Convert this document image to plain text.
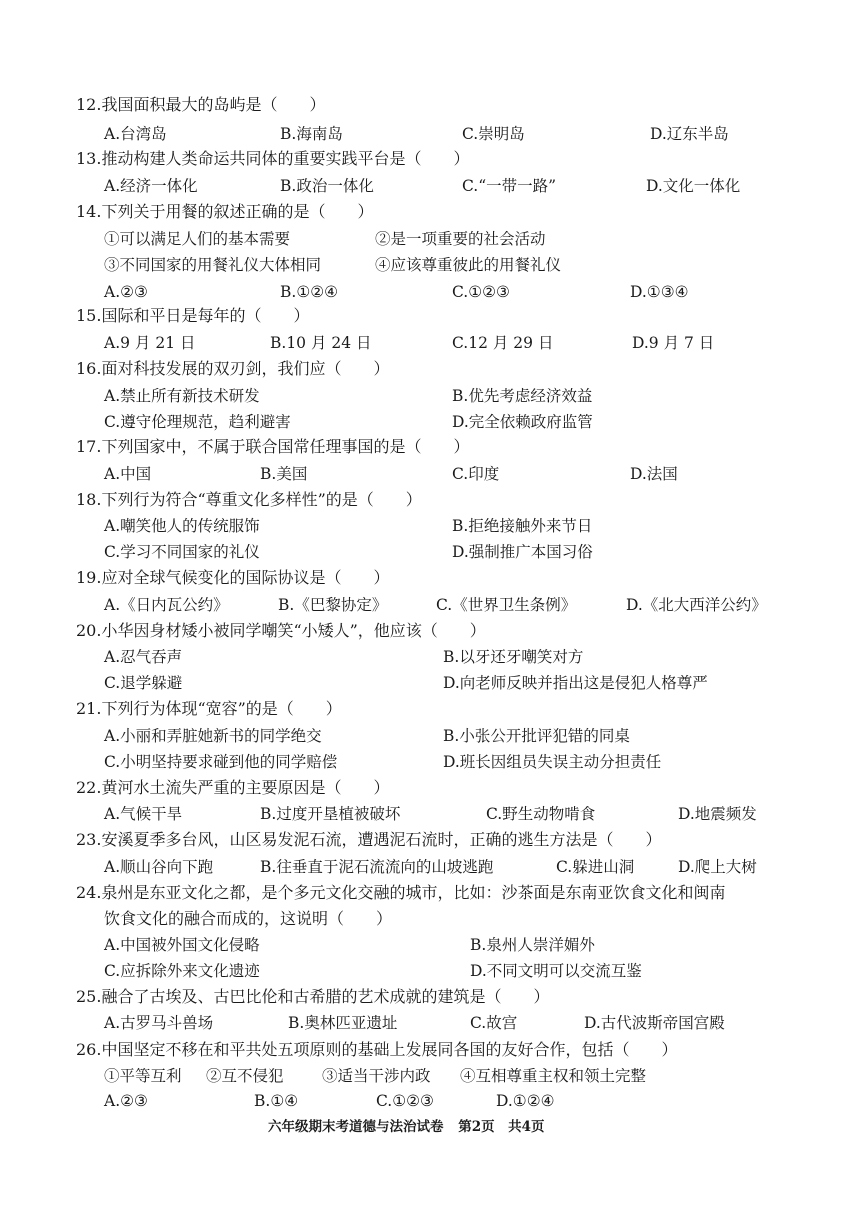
12.我国面积最大的岛屿是（　　）
A.台湾岛	B.海南岛	C.崇明岛	D.辽东半岛
13.推动构建人类命运共同体的重要实践平台是（　　）
A.经济一体化	B.政治一体化	C.“一带一路”	D.文化一体化
14.下列关于用餐的叙述正确的是（　　）
①可以满足人们的基本需要	②是一项重要的社会活动
③不同国家的用餐礼仪大体相同	④应该尊重彼此的用餐礼仪
A.②③	B.①②④	C.①②③	D.①③④
15.国际和平日是每年的（　　）
A.9 月 21 日	B.10 月 24 日	C.12 月 29 日	D.9 月 7 日
16.面对科技发展的双刃剑，我们应（　　）
A.禁止所有新技术研发	B.优先考虑经济效益
C.遵守伦理规范，趋利避害	D.完全依赖政府监管
17.下列国家中，不属于联合国常任理事国的是（　　）
A.中国	B.美国	C.印度	D.法国
18.下列行为符合“尊重文化多样性”的是（　　）
A.嘲笑他人的传统服饰	B.拒绝接触外来节日
C.学习不同国家的礼仪	D.强制推广本国习俗
19.应对全球气候变化的国际协议是（　　）
A.《日内瓦公约》	B.《巴黎协定》	C.《世界卫生条例》	D.《北大西洋公约》
20.小华因身材矮小被同学嘲笑“小矮人”，他应该（　　）
A.忍气吞声	B.以牙还牙嘲笑对方
C.退学躲避	D.向老师反映并指出这是侵犯人格尊严
21.下列行为体现“宽容”的是（　　）
A.小丽和弄脏她新书的同学绝交	B.小张公开批评犯错的同桌
C.小明坚持要求碰到他的同学赔偿	D.班长因组员失误主动分担责任
22.黄河水土流失严重的主要原因是（　　）
A.气候干旱	B.过度开垦植被破坏	C.野生动物啃食	D.地震频发
23.安溪夏季多台风，山区易发泥石流，遭遇泥石流时，正确的逃生方法是（　　）
A.顺山谷向下跑	B.往垂直于泥石流流向的山坡逃跑	C.躲进山洞	D.爬上大树
24.泉州是东亚文化之都，是个多元文化交融的城市，比如：沙茶面是东南亚饮食文化和闽南
饮食文化的融合而成的，这说明（　　）
A.中国被外国文化侵略	B.泉州人崇洋媚外
C.应拆除外来文化遗迹	D.不同文明可以交流互鉴
25.融合了古埃及、古巴比伦和古希腊的艺术成就的建筑是（　　）
A.古罗马斗兽场	B.奥林匹亚遗址	C.故宫	D.古代波斯帝国宫殿
26.中国坚定不移在和平共处五项原则的基础上发展同各国的友好合作，包括（　　）
①平等互利 ②互不侵犯 ③适当干涉内政 ④互相尊重主权和领土完整
A.②③	B.①④	C.①②③	D.①②④
六年级期末考道德与法治试卷 第2页　共4页
